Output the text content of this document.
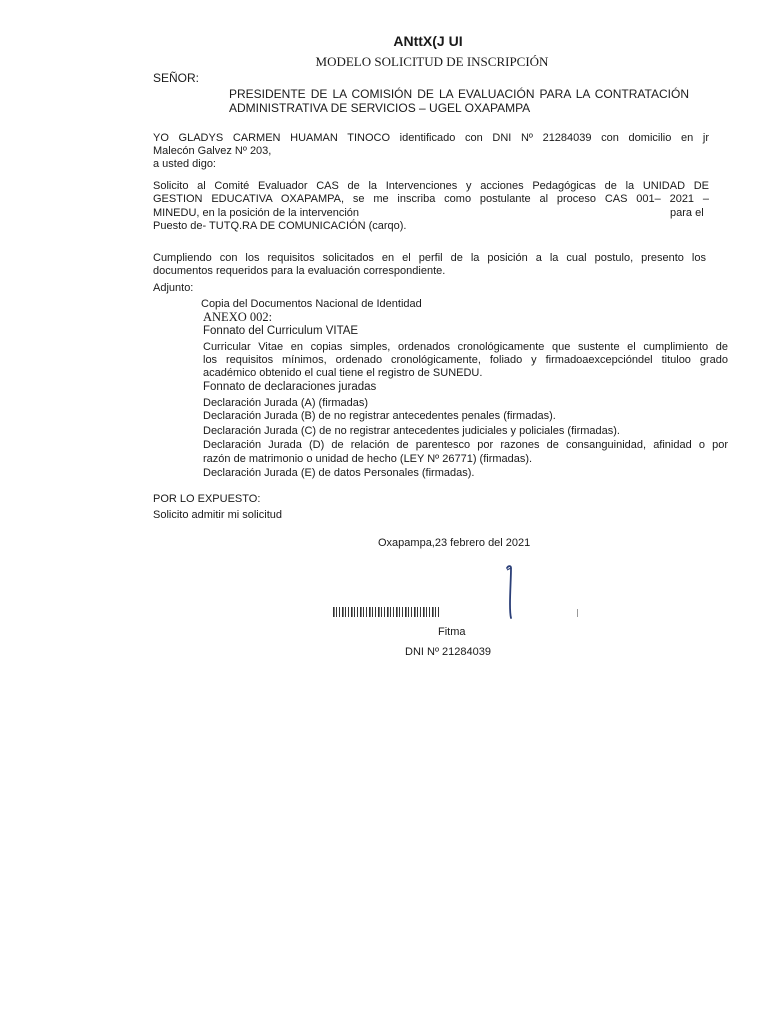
ANttX(J UI
MODELO SOLICITUD DE INSCRIPCIÓN
SEÑOR:
PRESIDENTE DE LA COMISIÓN DE LA EVALUACIÓN PARA LA CONTRATACIÓN
ADMINISTRATIVA DE SERVICIOS – UGEL OXAPAMPA
YO GLADYS CARMEN HUAMAN TINOCO identificado con DNI Nº 21284039 con domicilio en jr
Malecón Galvez Nº 203,
a usted digo:
Solicito al Comité Evaluador CAS de la Intervenciones y acciones Pedagógicas de la UNIDAD DE
GESTION EDUCATIVA OXAPAMPA, se me inscriba como postulante al proceso CAS 001– 2021 –
MINEDU, en la posición de la intervención	para el
Puesto de- TUTQ.RA DE COMUNICACIÓN (carqo).
Cumpliendo con los requisitos solicitados en el perfil de la posición a la cual postulo, presento los
documentos requeridos para la evaluación correspondiente.
Adjunto:
Copia del Documentos Nacional de Identidad
ANEXO 002:
Fonnato del Curriculum VITAE
Curricular Vitae en copias simples, ordenados cronológicamente que sustente el cumplimiento de
los requisitos mínimos, ordenado cronológicamente, foliado y firmadoaexcepcióndel tituloo grado
académico obtenido el cual tiene el registro de SUNEDU.
Fonnato de declaraciones juradas
Declaración Jurada (A) (firmadas)
Declaración Jurada (B) de no registrar antecedentes penales (firmadas).
Declaración Jurada (C) de no registrar antecedentes judiciales y policiales (firmadas).
Declaración Jurada (D) de relación de parentesco por razones de consanguinidad, afinidad o por
razón de matrimonio o unidad de hecho (LEY Nº 26771) (firmadas).
Declaración Jurada (E) de datos Personales (firmadas).
POR LO EXPUESTO:
Solicito admitir mi solicitud
Oxapampa,23 febrero del 2021
Fitma
DNI Nº 21284039
